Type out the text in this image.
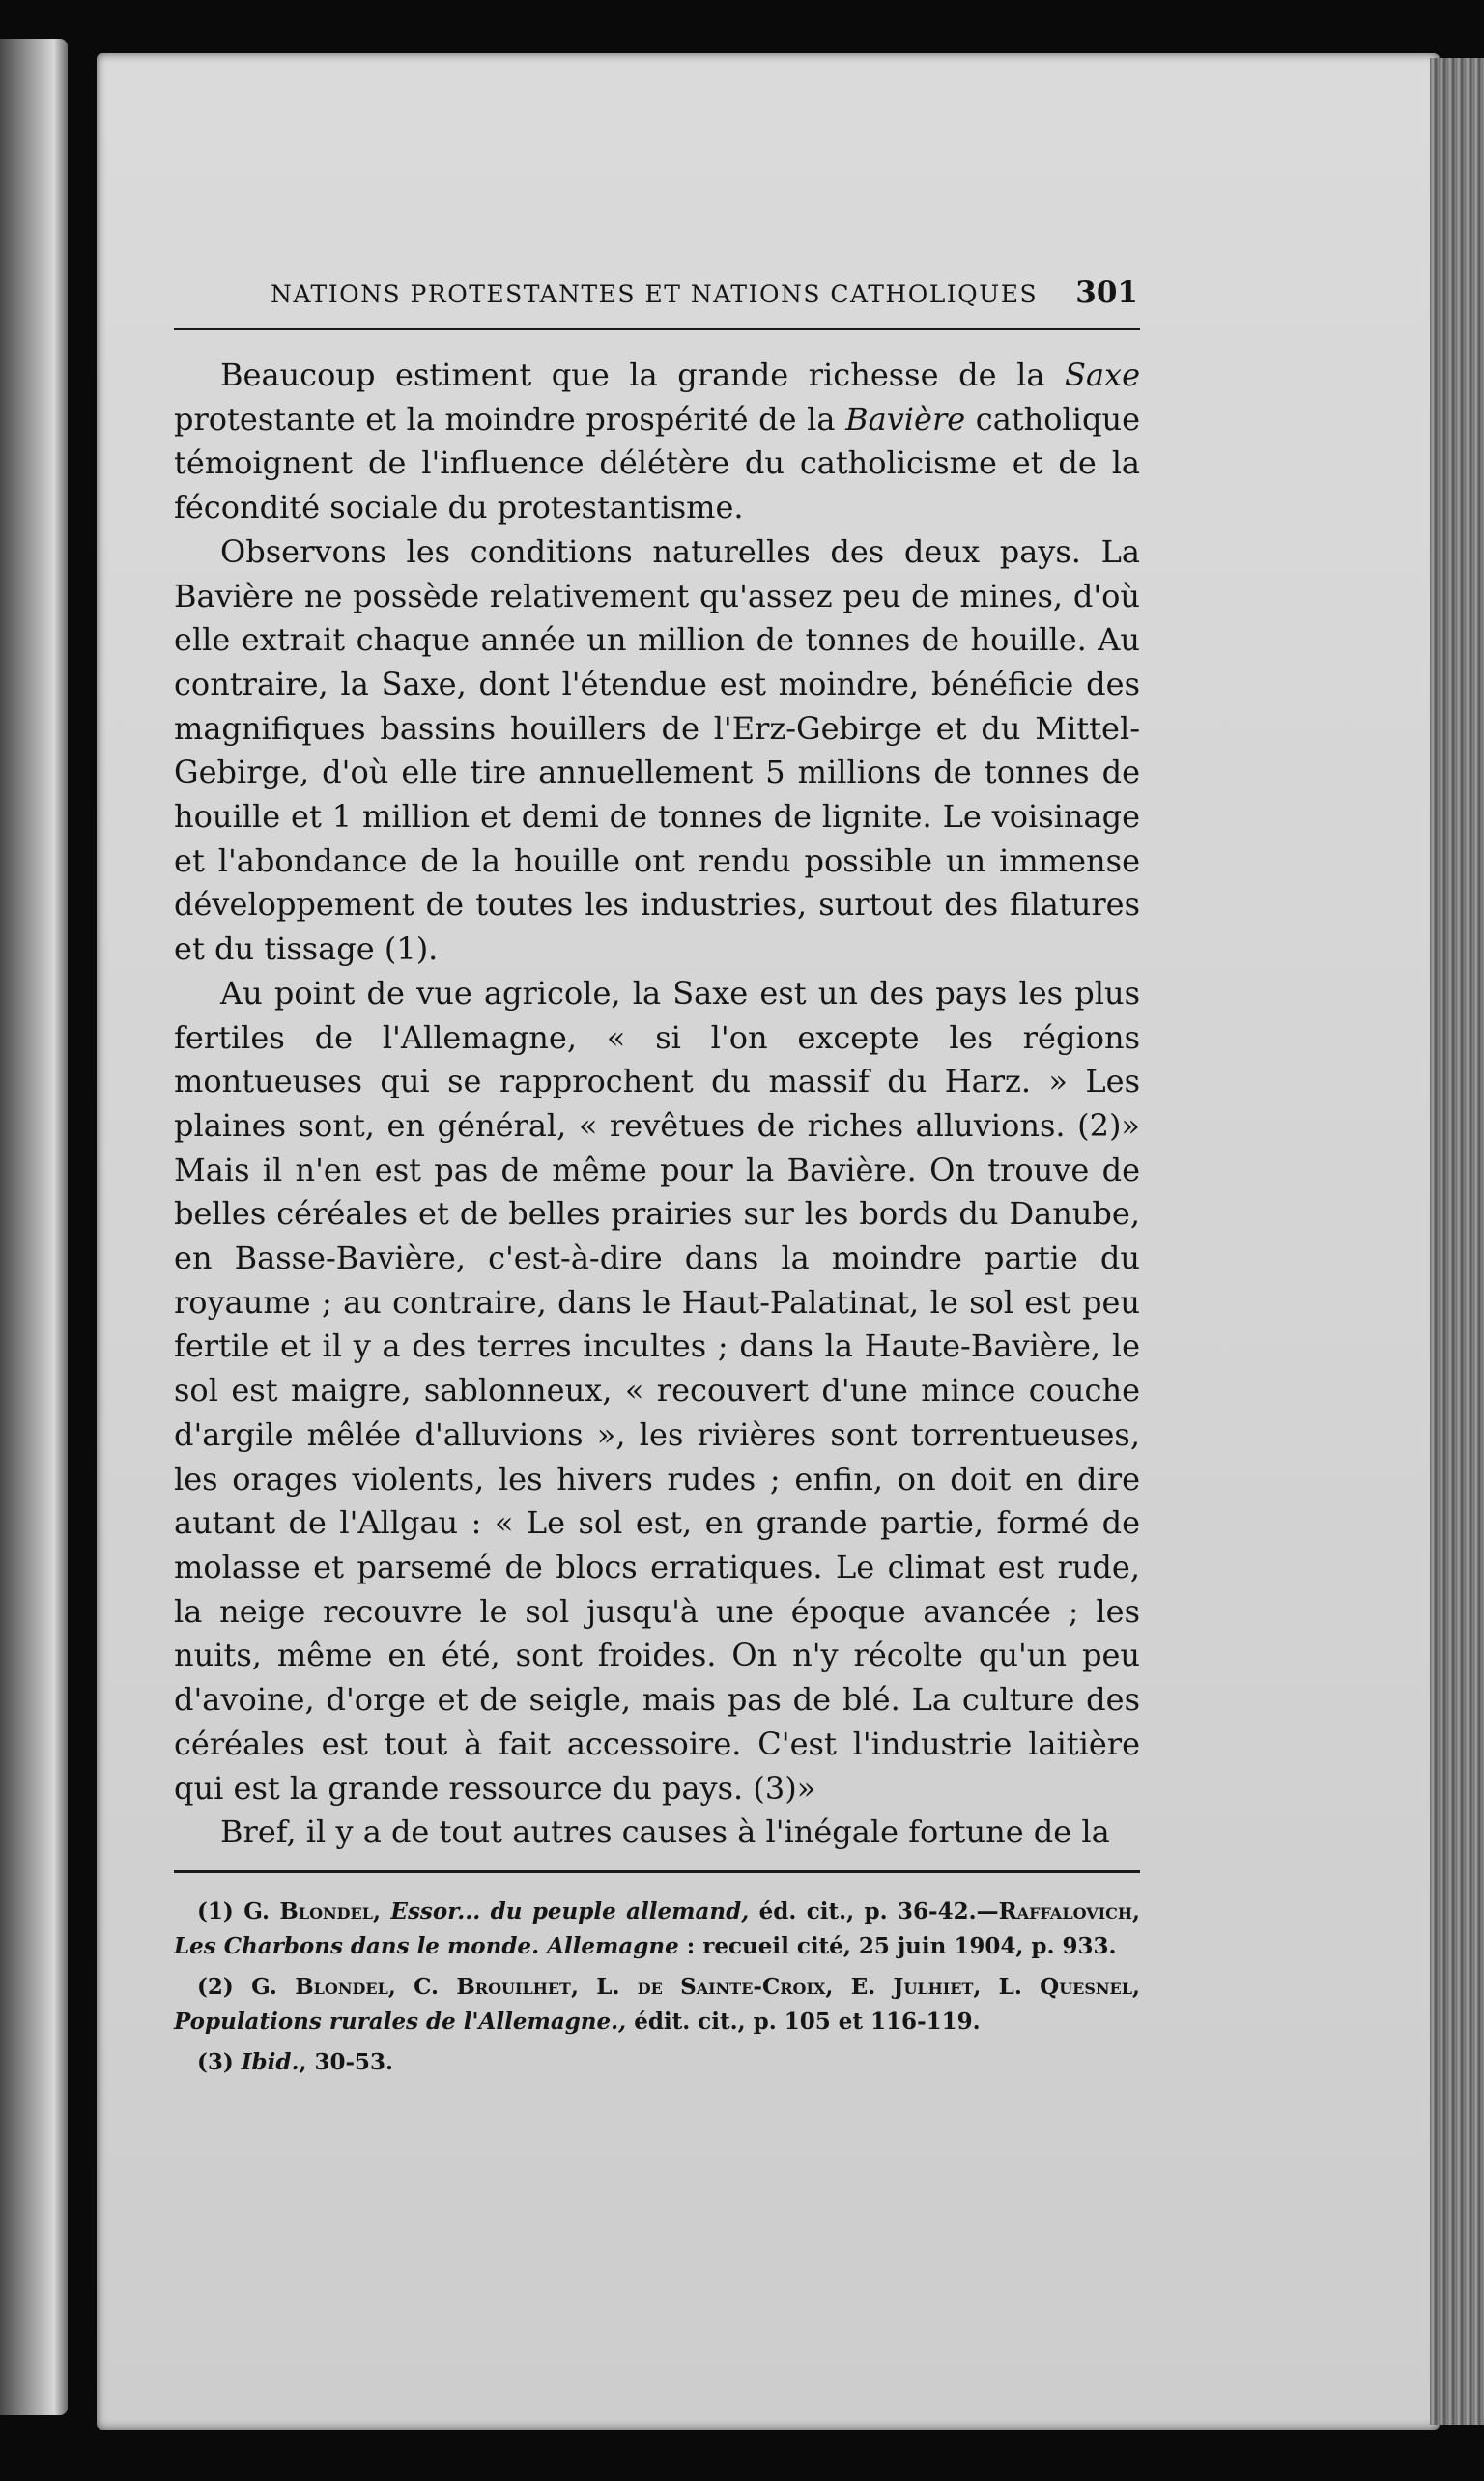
NATIONS PROTESTANTES ET NATIONS CATHOLIQUES 301

Beaucoup estiment que la grande richesse de la Saxe protestante et la moindre prospérité de la Bavière catholique témoignent de l'influence délétère du catholicisme et de la fécondité sociale du protestantisme.

Observons les conditions naturelles des deux pays. La Bavière ne possède relativement qu'assez peu de mines, d'où elle extrait chaque année un million de tonnes de houille. Au contraire, la Saxe, dont l'étendue est moindre, bénéficie des magnifiques bassins houillers de l'Erz-Gebirge et du Mittel-Gebirge, d'où elle tire annuellement 5 millions de tonnes de houille et 1 million et demi de tonnes de lignite. Le voisinage et l'abondance de la houille ont rendu possible un immense développement de toutes les industries, surtout des filatures et du tissage (1).

Au point de vue agricole, la Saxe est un des pays les plus fertiles de l'Allemagne, « si l'on excepte les régions montueuses qui se rapprochent du massif du Harz. » Les plaines sont, en général, « revêtues de riches alluvions. (2)» Mais il n'en est pas de même pour la Bavière. On trouve de belles céréales et de belles prairies sur les bords du Danube, en Basse-Bavière, c'est-à-dire dans la moindre partie du royaume ; au contraire, dans le Haut-Palatinat, le sol est peu fertile et il y a des terres incultes ; dans la Haute-Bavière, le sol est maigre, sablonneux, « recouvert d'une mince couche d'argile mêlée d'alluvions », les rivières sont torrentueuses, les orages violents, les hivers rudes ; enfin, on doit en dire autant de l'Allgau : « Le sol est, en grande partie, formé de molasse et parsemé de blocs erratiques. Le climat est rude, la neige recouvre le sol jusqu'à une époque avancée ; les nuits, même en été, sont froides. On n'y récolte qu'un peu d'avoine, d'orge et de seigle, mais pas de blé. La culture des céréales est tout à fait accessoire. C'est l'industrie laitière qui est la grande ressource du pays. (3)»

Bref, il y a de tout autres causes à l'inégale fortune de la

(1) G. Blondel, Essor... du peuple allemand, éd. cit., p. 36-42.—Raffalovich, Les Charbons dans le monde. Allemagne : recueil cité, 25 juin 1904, p. 933.

(2) G. Blondel, C. Brouilhet, L. de Sainte-Croix, E. Julhiet, L. Quesnel, Populations rurales de l'Allemagne., édit. cit., p. 105 et 116-119.

(3) Ibid., 30-53.
